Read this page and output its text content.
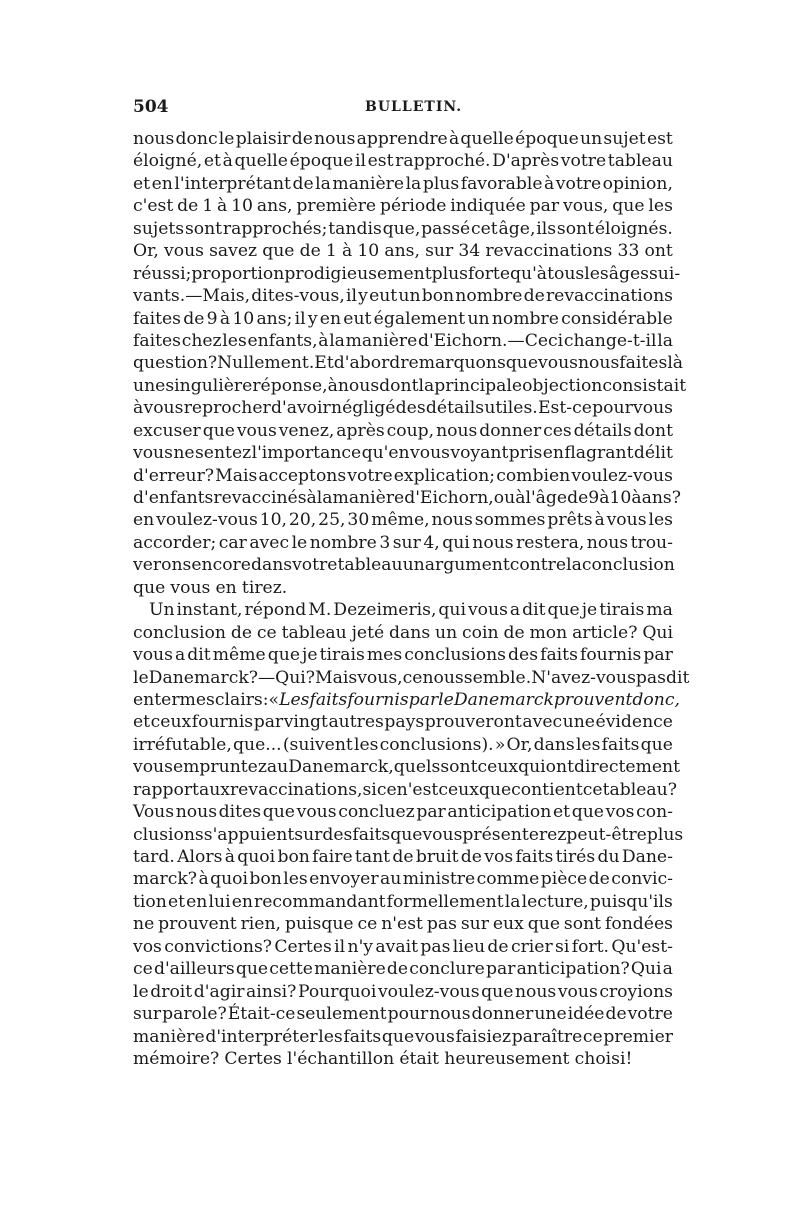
504	BULLETIN.
nous donc le plaisir de nous apprendre à quelle époque un sujet est
éloigné, et à quelle époque il est rapproché. D'après votre tableau
et en l'interprétant de la manière la plus favorable à votre opinion,
c'est de 1 à 10 ans, première période indiquée par vous, que les
sujets sont rapprochés; tandis que, passé cet âge, ils sont éloignés.
Or, vous savez que de 1 à 10 ans, sur 34 revaccinations 33 ont
réussi; proportion prodigieusement plus forte qu'à tous les âges sui-
vants.—Mais, dites-vous, il y eut un bon nombre de revaccinations
faites de 9 à 10 ans; il y en eut également un nombre considérable
faites chez les enfants, à la manière d'Eichorn.—Ceci change-t-il la
question? Nullement. Et d'abord remarquons que vous nous faites là
une singulière réponse, à nous dont la principale objection consistait
à vous reprocher d'avoir négligé des détails utiles. Est-ce pour vous
excuser que vous venez, après coup, nous donner ces détails dont
vous ne sentez l'importance qu'en vous voyant pris en flagrant délit
d'erreur? Mais acceptons votre explication; combien voulez-vous
d'enfants revaccinés à la manière d'Eichorn, ou à l'âge de 9 à 10 à ans?
en voulez-vous 10, 20, 25, 30 même, nous sommes prêts à vous les
accorder; car avec le nombre 3 sur 4, qui nous restera, nous trou-
verons encore dans votre tableau un argument contre la conclusion
que vous en tirez.
Un instant, répond M. Dezeimeris, qui vous a dit que je tirais ma
conclusion de ce tableau jeté dans un coin de mon article? Qui
vous a dit même que je tirais mes conclusions des faits fournis par
le Danemarck?—Qui? Mais vous, ce nous semble. N'avez-vous pas dit
en termes clairs : « Les faits fournis par le Danemarck prouvent donc,
et ceux fournis par vingt autres pays prouveront avec une évidence
irréfutable, que... (suivent les conclusions). » Or, dans les faits que
vous empruntez au Danemarck, quels sont ceux qui ont directement
rapport aux revaccinations, si ce n'est ceux que contient ce tableau?
Vous nous dites que vous concluez par anticipation et que vos con-
clusions s'appuient sur des faits que vous présenterez peut-être plus
tard. Alors à quoi bon faire tant de bruit de vos faits tirés du Dane-
marck? à quoi bon les envoyer au ministre comme pièce de convic-
tion et en lui en recommandant formellement la lecture, puisqu'ils
ne prouvent rien, puisque ce n'est pas sur eux que sont fondées
vos convictions? Certes il n'y avait pas lieu de crier si fort. Qu'est-
ce d'ailleurs que cette manière de conclure par anticipation? Qui a
le droit d'agir ainsi? Pourquoi voulez-vous que nous vous croyions
sur parole? Était-ce seulement pour nous donner une idée de votre
manière d'interpréter les faits que vous faisiez paraître ce premier
mémoire? Certes l'échantillon était heureusement choisi!
